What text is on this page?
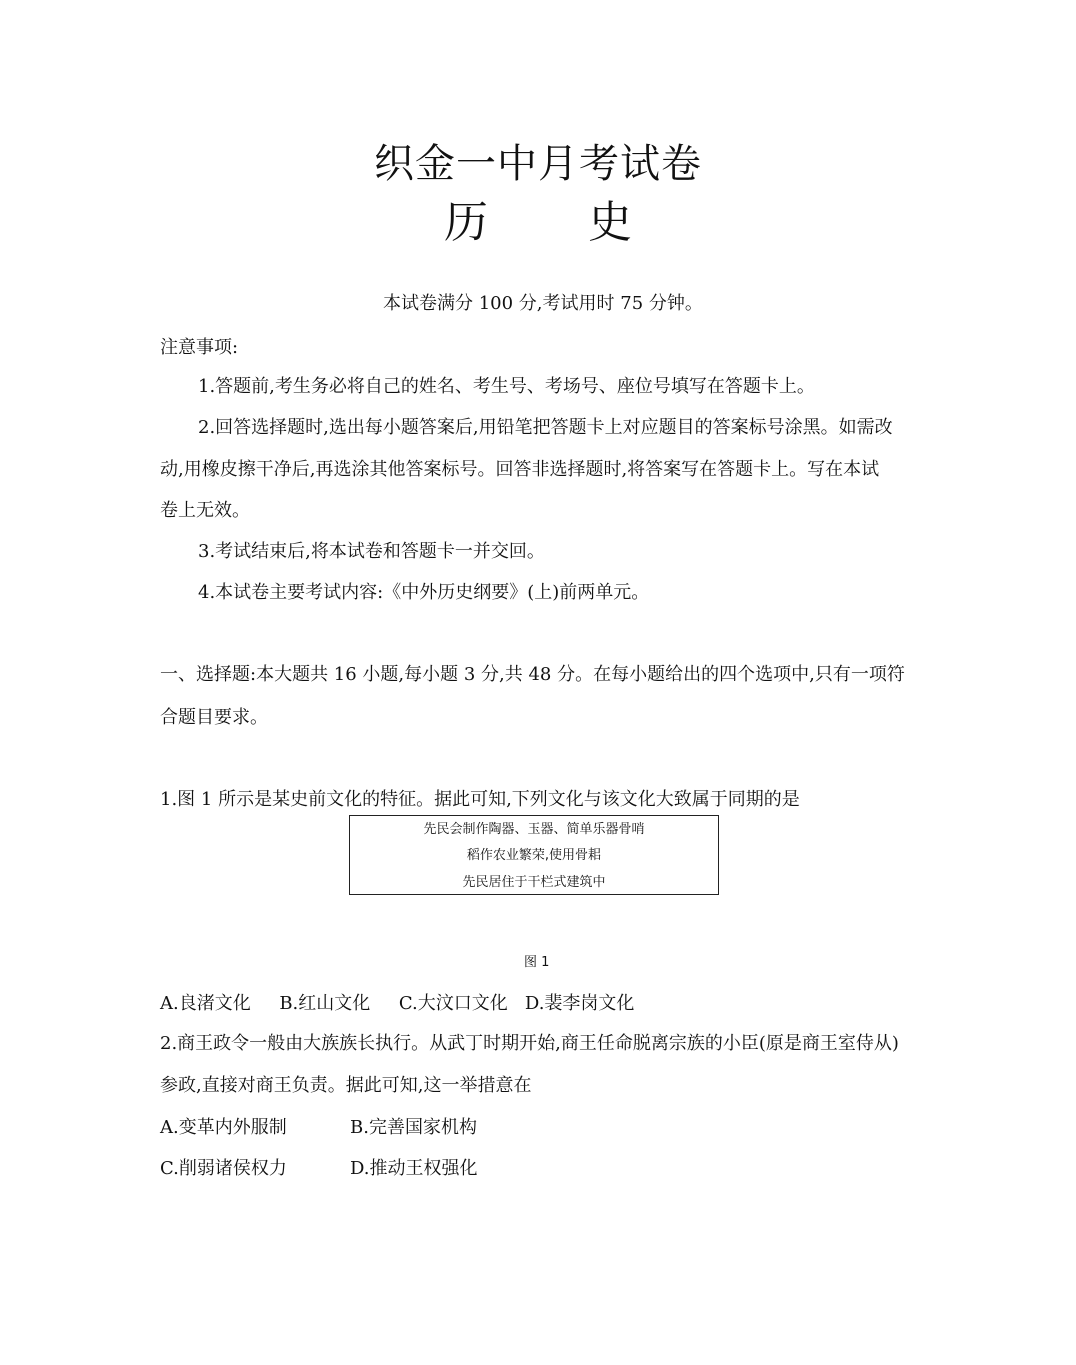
织金一中月考试卷
历 史
本试卷满分 100 分,考试用时 75 分钟。
注意事项:
1.答题前,考生务必将自己的姓名、考生号、考场号、座位号填写在答题卡上。
2.回答选择题时,选出每小题答案后,用铅笔把答题卡上对应题目的答案标号涂黑。如需改
动,用橡皮擦干净后,再选涂其他答案标号。回答非选择题时,将答案写在答题卡上。写在本试
卷上无效。
3.考试结束后,将本试卷和答题卡一并交回。
4.本试卷主要考试内容:《中外历史纲要》(上)前两单元。
一、选择题:本大题共 16 小题,每小题 3 分,共 48 分。在每小题给出的四个选项中,只有一项符
合题目要求。
1.图 1 所示是某史前文化的特征。据此可知,下列文化与该文化大致属于同期的是
先民会制作陶器、玉器、简单乐器骨哨
稻作农业繁荣,使用骨耜
先民居住于干栏式建筑中
图 1
A.良渚文化     B.红山文化     C.大汶口文化   D.裴李岗文化
2.商王政令一般由大族族长执行。从武丁时期开始,商王任命脱离宗族的小臣(原是商王室侍从)
参政,直接对商王负责。据此可知,这一举措意在
A.变革内外服制	B.完善国家机构
C.削弱诸侯权力	D.推动王权强化
